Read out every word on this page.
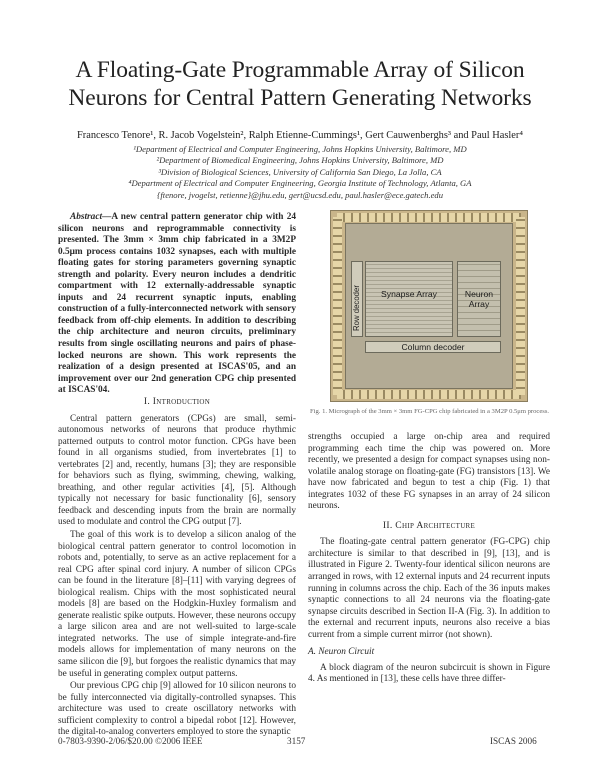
A Floating-Gate Programmable Array of Silicon
Neurons for Central Pattern Generating Networks
Francesco Tenore¹, R. Jacob Vogelstein², Ralph Etienne-Cummings¹, Gert Cauwenberghs³ and Paul Hasler⁴
¹Department of Electrical and Computer Engineering, Johns Hopkins University, Baltimore, MD
²Department of Biomedical Engineering, Johns Hopkins University, Baltimore, MD
³Division of Biological Sciences, University of California San Diego, La Jolla, CA
⁴Department of Electrical and Computer Engineering, Georgia Institute of Technology, Atlanta, GA
{ftenore, jvogelst, retienne}@jhu.edu, gert@ucsd.edu, paul.hasler@ece.gatech.edu

Abstract—A new central pattern generator chip with 24 silicon neurons and reprogrammable connectivity is presented. The 3mm × 3mm chip fabricated in a 3M2P 0.5μm process contains 1032 synapses, each with multiple floating gates for storing parameters governing synaptic strength and polarity. Every neuron includes a dendritic compartment with 12 externally-addressable synaptic inputs and 24 recurrent synaptic inputs, enabling construction of a fully-interconnected network with sensory feedback from off-chip elements. In addition to describing the chip architecture and neuron circuits, preliminary results from single oscillating neurons and pairs of phase-locked neurons are shown. This work represents the realization of a design presented at ISCAS'05, and an improvement over our 2nd generation CPG chip presented at ISCAS'04.

I. Introduction

Central pattern generators (CPGs) are small, semi-autonomous networks of neurons that produce rhythmic patterned outputs to control motor function. CPGs have been found in all organisms studied, from invertebrates [1] to vertebrates [2] and, recently, humans [3]; they are responsible for behaviors such as flying, swimming, chewing, walking, breathing, and other regular activities [4], [5]. Although typically not necessary for basic functionality [6], sensory feedback and descending inputs from the brain are normally used to modulate and control the CPG output [7].

The goal of this work is to develop a silicon analog of the biological central pattern generator to control locomotion in robots and, potentially, to serve as an active replacement for a real CPG after spinal cord injury. A number of silicon CPGs can be found in the literature [8]–[11] with varying degrees of biological realism. Chips with the most sophisticated neural models [8] are based on the Hodgkin-Huxley formalism and generate realistic spike outputs. However, these neurons occupy a large silicon area and are not well-suited to large-scale integrated networks. The use of simple integrate-and-fire models allows for implementation of many neurons on the same silicon die [9], but forgoes the realistic dynamics that may be useful in generating complex output patterns.

Our previous CPG chip [9] allowed for 10 silicon neurons to be fully interconnected via digitally-controlled synapses. This architecture was used to create oscillatory networks with sufficient complexity to control a bipedal robot [12]. However, the digital-to-analog converters employed to store the synaptic

Synapse Array	Neuron Array
Column decoder
Row decoder
Fig. 1. Micrograph of the 3mm × 3mm FG-CPG chip fabricated in a 3M2P 0.5μm process.

strengths occupied a large on-chip area and required programming each time the chip was powered on. More recently, we presented a design for compact synapses using non-volatile analog storage on floating-gate (FG) transistors [13]. We have now fabricated and begun to test a chip (Fig. 1) that integrates 1032 of these FG synapses in an array of 24 silicon neurons.

II. Chip Architecture

The floating-gate central pattern generator (FG-CPG) chip architecture is similar to that described in [9], [13], and is illustrated in Figure 2. Twenty-four identical silicon neurons are arranged in rows, with 12 external inputs and 24 recurrent inputs running in columns across the chip. Each of the 36 inputs makes synaptic connections to all 24 neurons via the floating-gate synapse circuits described in Section II-A (Fig. 3). In addition to the external and recurrent inputs, neurons also receive a bias current from a simple current mirror (not shown).

A. Neuron Circuit

A block diagram of the neuron subcircuit is shown in Figure 4. As mentioned in [13], these cells have three differ-

0-7803-9390-2/06/$20.00 ©2006 IEEE	3157	ISCAS 2006
